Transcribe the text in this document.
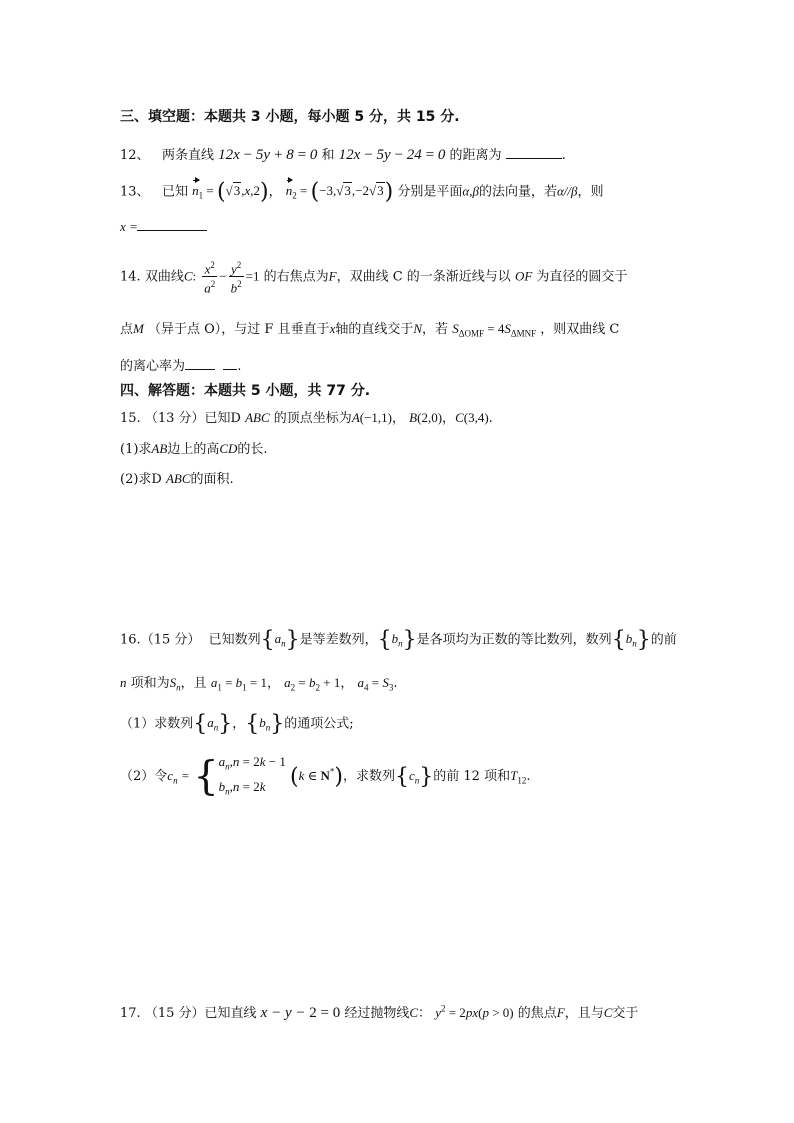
三、填空题：本题共 3 小题，每小题 5 分，共 15 分.
12、 两条直线 12x − 5y + 8 = 0 和 12x − 5y − 24 = 0 的距离为	.
13、 已知 $n_1 = (√3,x,2)$， $n_2 = (-3,√3,-2√3)$ 分别是平面α,β的法向量，若α//β，则
x =
14. 双曲线C: $\frac{x^2}{a^2} - \frac{y^2}{b^2} =1$ 的右焦点为F，双曲线 C 的一条渐近线与以 OF 为直径的圆交于
点M （异于点 O），与过 F 且垂直于x轴的直线交于N，若 $S_{\Delta OMF} = 4S_{\Delta MNF}$ ，则双曲线 C
的离心率为	.
四、解答题：本题共 5 小题，共 77 分.
15. （13 分）已知D ABC 的顶点坐标为A(−1,1)， B(2,0)，C(3,4).
(1)求AB边上的高CD的长.
(2)求D ABC的面积.
16.（15 分） 已知数列$\{a_n\}$是等差数列，$\{b_n\}$是各项均为正数的等比数列，数列$\{b_n\}$的前
n 项和为$S_n$，且 $a_1 = b_1 = 1$， $a_2 = b_2 + 1$， $a_4 = S_3$.
（1）求数列$\{a_n\}$，$\{b_n\}$的通项公式;
（2）令$c_n$ = { $a_n,n = 2k - 1$
$b_n,n = 2k$	(k ∈ N*)，求数列$\{c_n\}$的前 12 项和$T_{12}$.
17. （15 分）已知直线 x − y − 2 = 0 经过抛物线C： $y^2 = 2px(p > 0)$ 的焦点F，且与C交于
